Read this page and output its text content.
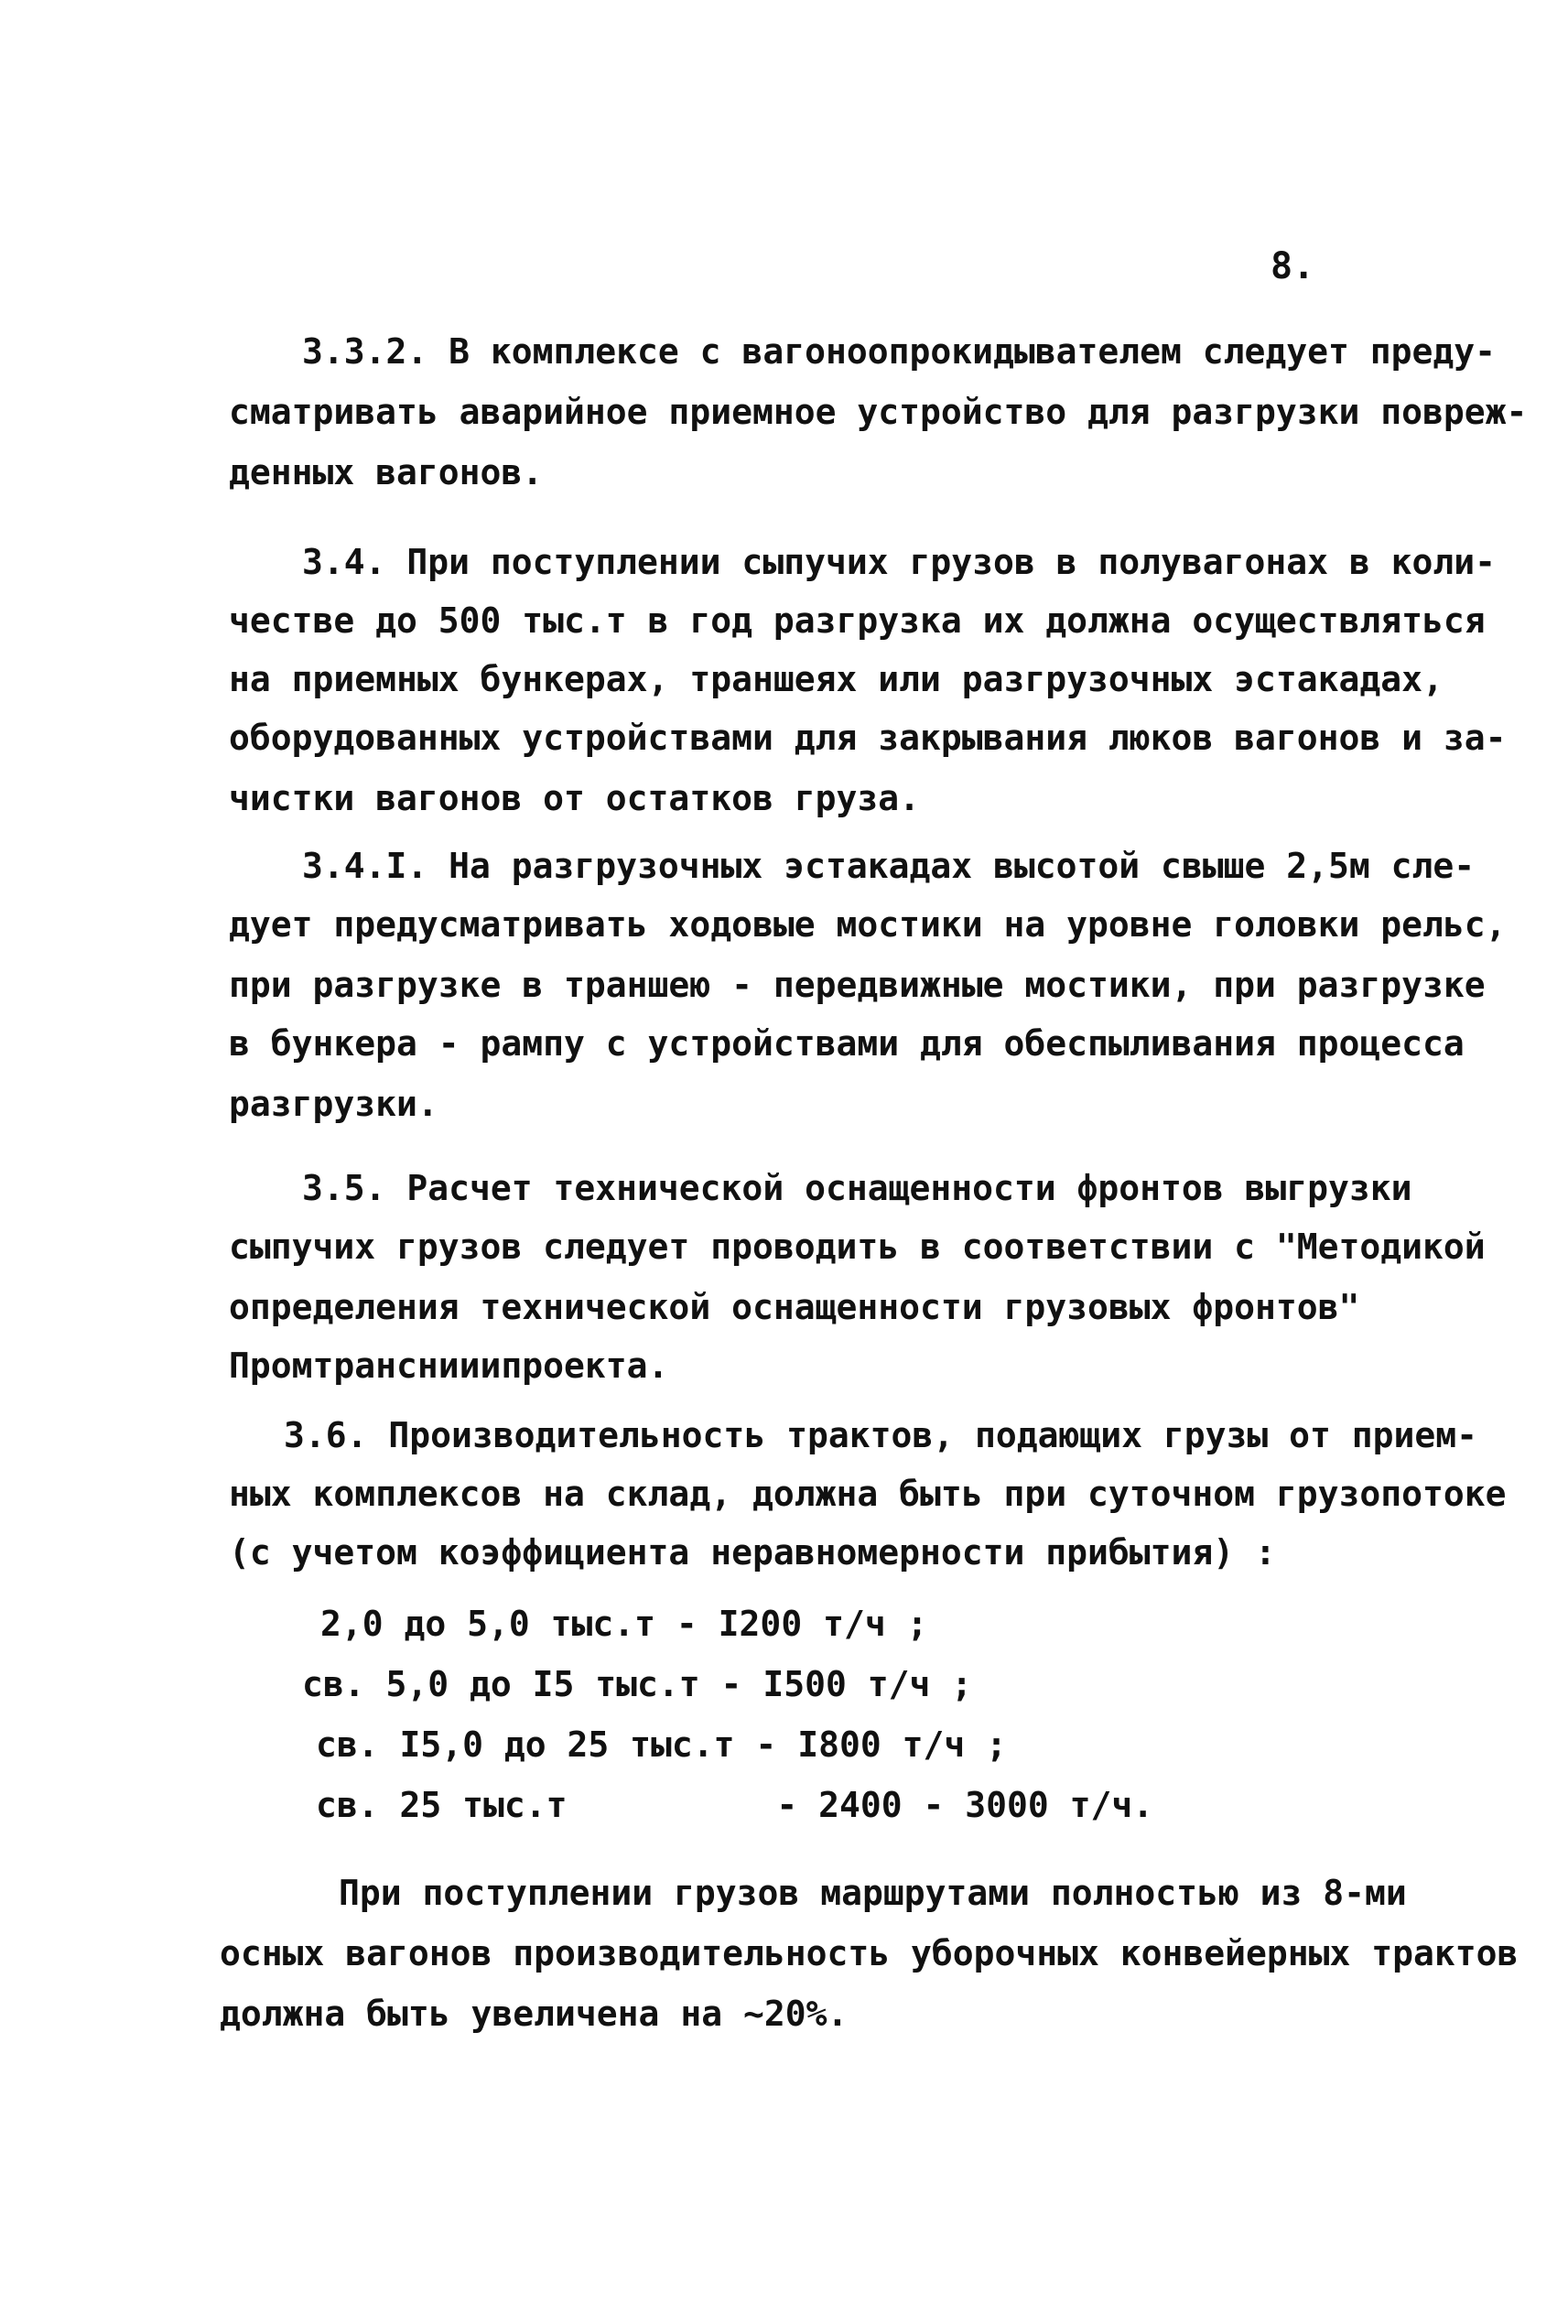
8.
3.3.2. В комплексе с вагоноопрокидывателем следует преду-
сматривать аварийное приемное устройство для разгрузки повреж-
денных вагонов.
3.4. При поступлении сыпучих грузов в полувагонах в коли-
честве до 500 тыс.т в год разгрузка их должна осуществляться
на приемных бункерах, траншеях или разгрузочных эстакадах,
оборудованных устройствами для закрывания люков вагонов и за-
чистки вагонов от остатков груза.
3.4.I. На разгрузочных эстакадах высотой свыше 2,5м сле-
дует предусматривать ходовые мостики на уровне головки рельс,
при разгрузке в траншею - передвижные мостики, при разгрузке
в бункера - рампу с устройствами для обеспыливания процесса
разгрузки.
3.5. Расчет технической оснащенности фронтов выгрузки
сыпучих грузов следует проводить в соответствии с "Методикой
определения технической оснащенности грузовых фронтов"
Промтранснииипроекта.
3.6. Производительность трактов, подающих грузы от прием-
ных комплексов на склад, должна быть при суточном грузопотоке
(с учетом коэффициента неравномерности прибытия) :
2,0 до 5,0 тыс.т - I200 т/ч ;
св. 5,0 до I5 тыс.т - I500 т/ч ;
св. I5,0 до 25 тыс.т - I800 т/ч ;
св. 25 тыс.т          - 2400 - 3000 т/ч.
При поступлении грузов маршрутами полностью из 8-ми
осных вагонов производительность уборочных конвейерных трактов
должна быть увеличена на ~20%.
